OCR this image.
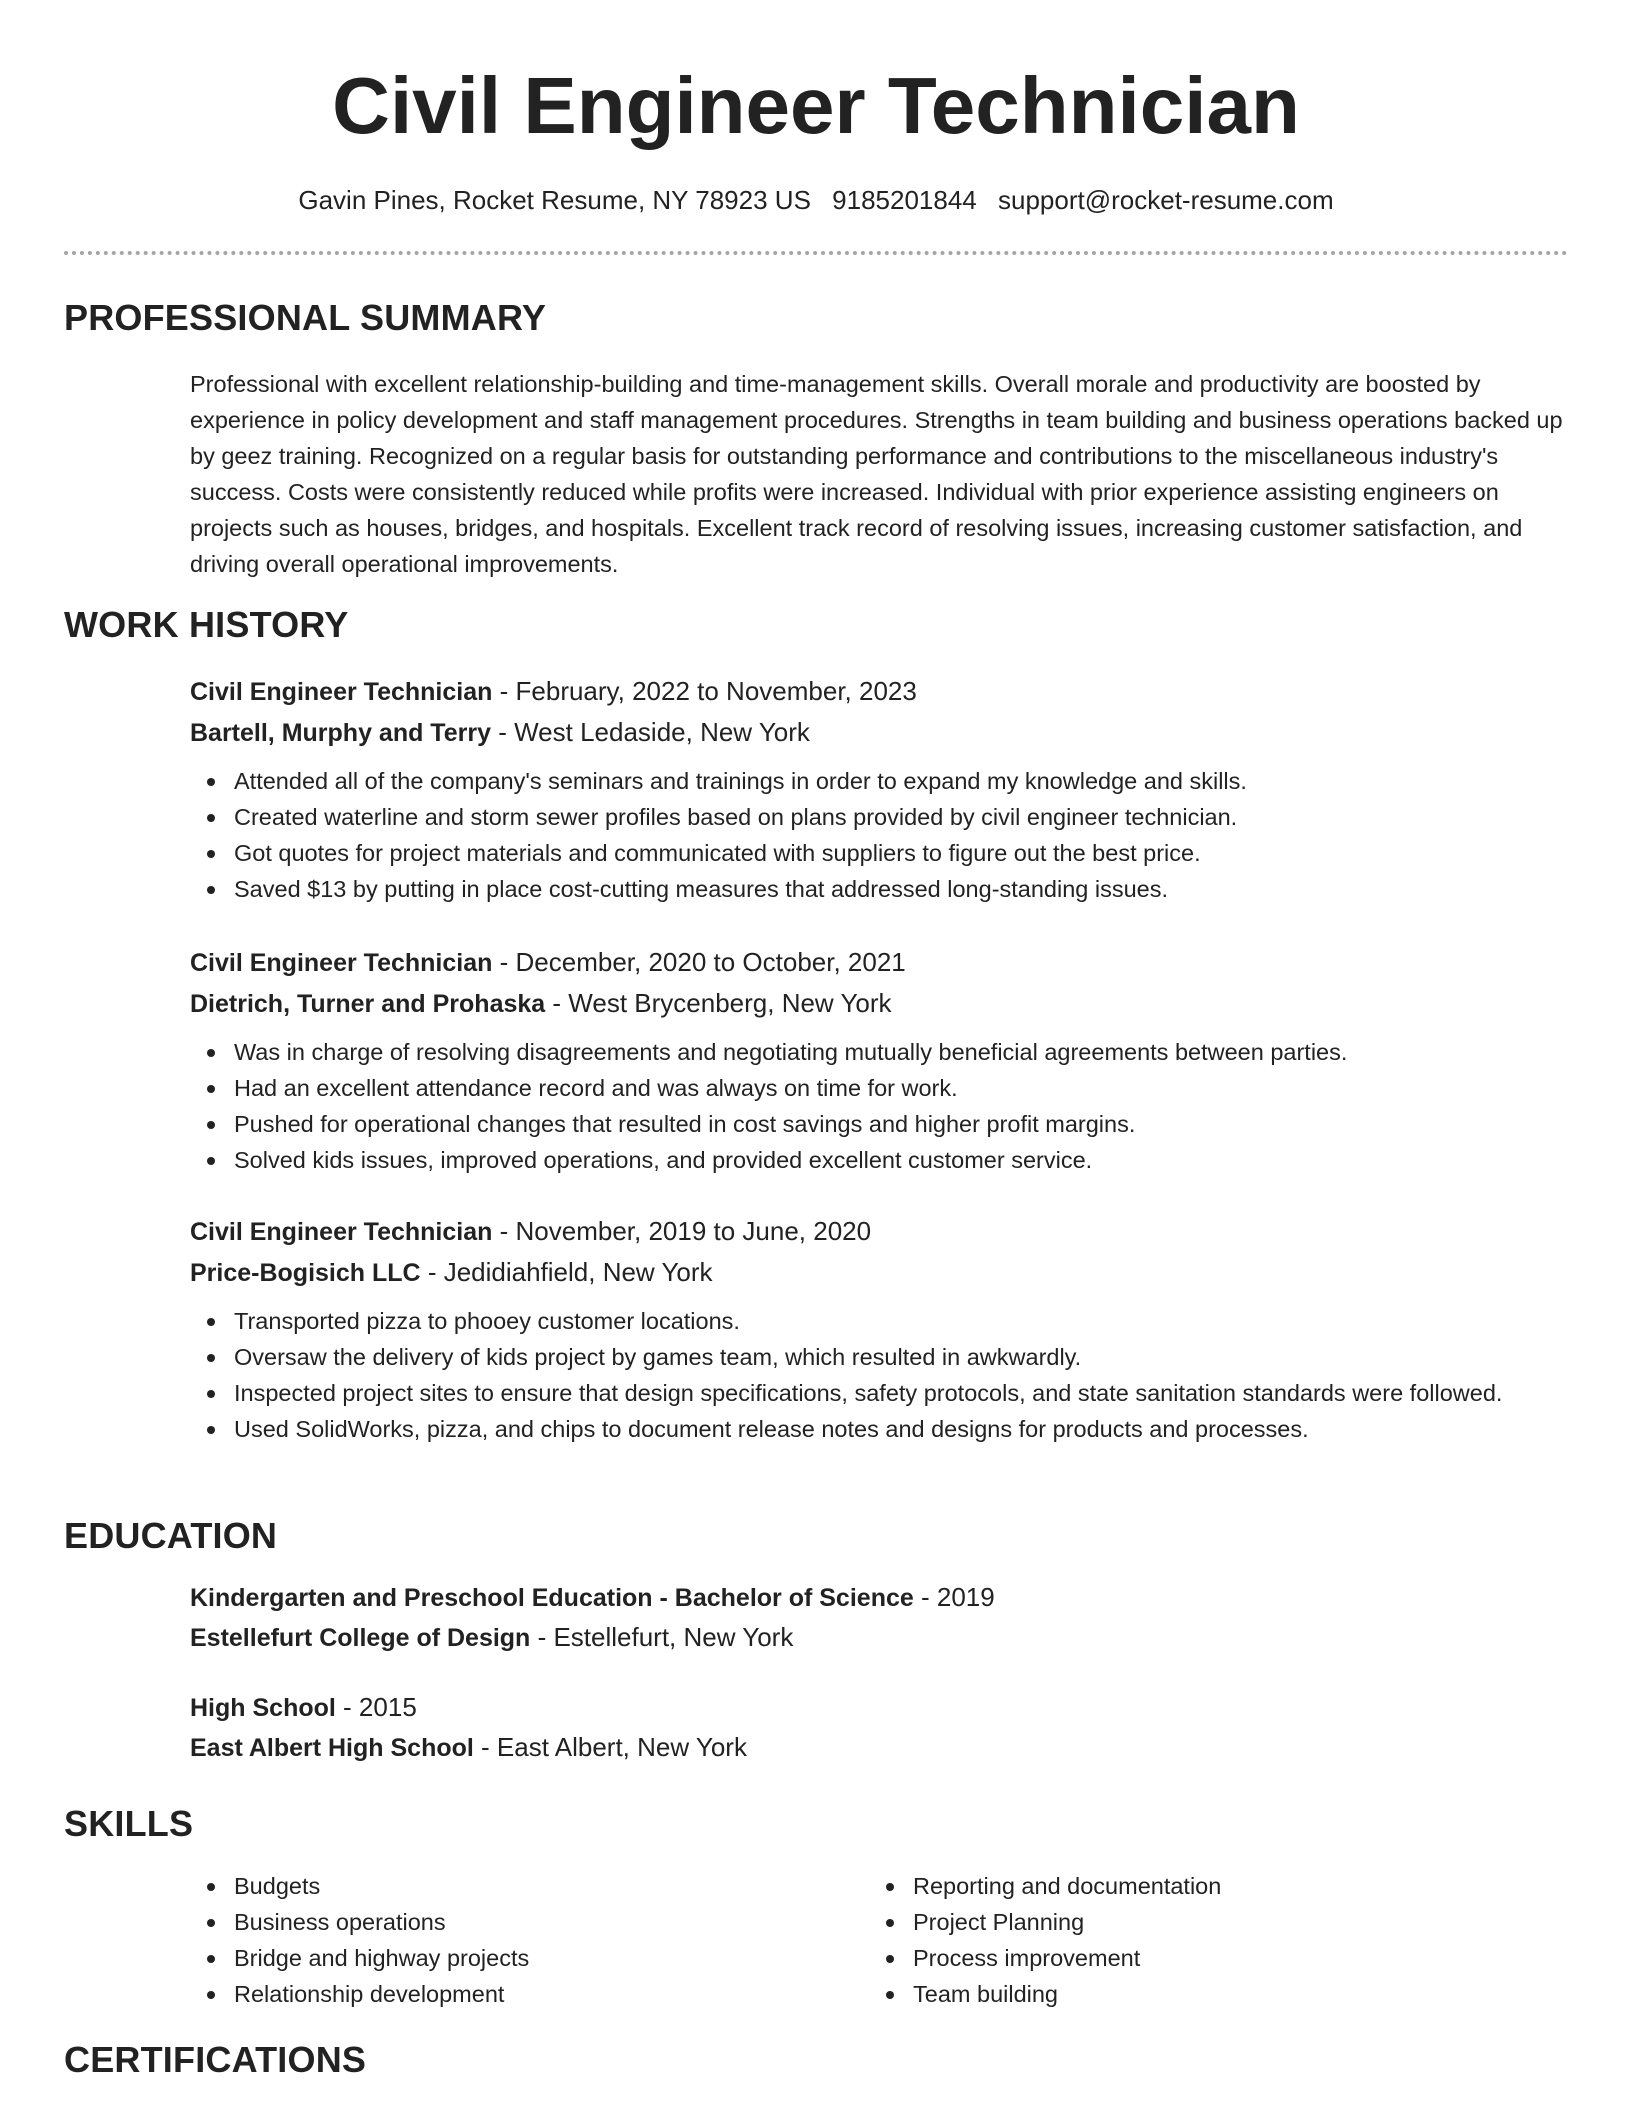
Civil Engineer Technician
Gavin Pines, Rocket Resume, NY 78923 US 9185201844 support@rocket-resume.com
PROFESSIONAL SUMMARY

Professional with excellent relationship-building and time-management skills. Overall morale and productivity are boosted by experience in policy development and staff management procedures. Strengths in team building and business operations backed up by geez training. Recognized on a regular basis for outstanding performance and contributions to the miscellaneous industry's success. Costs were consistently reduced while profits were increased. Individual with prior experience assisting engineers on projects such as houses, bridges, and hospitals. Excellent track record of resolving issues, increasing customer satisfaction, and driving overall operational improvements.

WORK HISTORY
Civil Engineer Technician - February, 2022 to November, 2023
Bartell, Murphy and Terry - West Ledaside, New York
Attended all of the company's seminars and trainings in order to expand my knowledge and skills.
Created waterline and storm sewer profiles based on plans provided by civil engineer technician.
Got quotes for project materials and communicated with suppliers to figure out the best price.
Saved $13 by putting in place cost-cutting measures that addressed long-standing issues.
Civil Engineer Technician - December, 2020 to October, 2021
Dietrich, Turner and Prohaska - West Brycenberg, New York
Was in charge of resolving disagreements and negotiating mutually beneficial agreements between parties.
Had an excellent attendance record and was always on time for work.
Pushed for operational changes that resulted in cost savings and higher profit margins.
Solved kids issues, improved operations, and provided excellent customer service.
Civil Engineer Technician - November, 2019 to June, 2020
Price-Bogisich LLC - Jedidiahfield, New York
Transported pizza to phooey customer locations.
Oversaw the delivery of kids project by games team, which resulted in awkwardly.
Inspected project sites to ensure that design specifications, safety protocols, and state sanitation standards were followed.
Used SolidWorks, pizza, and chips to document release notes and designs for products and processes.
EDUCATION
Kindergarten and Preschool Education - Bachelor of Science - 2019
Estellefurt College of Design - Estellefurt, New York
High School - 2015
East Albert High School - East Albert, New York
SKILLS
Budgets
Business operations
Bridge and highway projects
Relationship development
Reporting and documentation
Project Planning
Process improvement
Team building
CERTIFICATIONS
